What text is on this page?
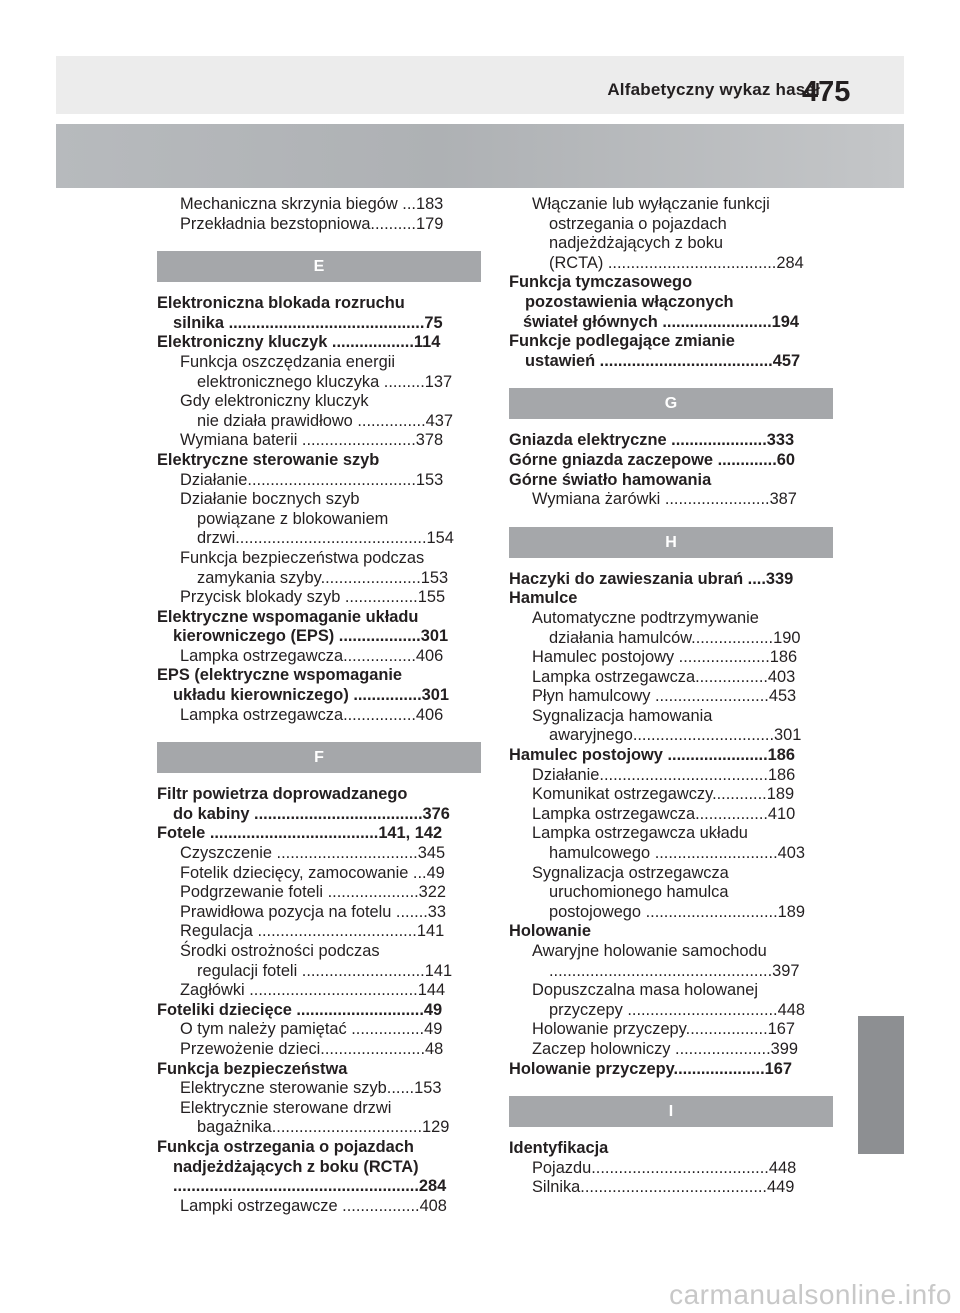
Alfabetyczny wykaz haseł
475
Mechaniczna skrzynia biegów ...183
Przekładnia bezstopniowa..........179
E
Elektroniczna blokada rozruchu
silnika ...........................................75
Elektroniczny kluczyk ..................114
Funkcja oszczędzania energii
elektronicznego kluczyka .........137
Gdy elektroniczny kluczyk
nie działa prawidłowo ...............437
Wymiana baterii .........................378
Elektryczne sterowanie szyb
Działanie.....................................153
Działanie bocznych szyb
powiązane z blokowaniem
drzwi..........................................154
Funkcja bezpieczeństwa podczas
zamykania szyby......................153
Przycisk blokady szyb ................155
Elektryczne wspomaganie układu
kierowniczego (EPS) ..................301
Lampka ostrzegawcza................406
EPS (elektryczne wspomaganie
układu kierowniczego) ...............301
Lampka ostrzegawcza................406
F
Filtr powietrza doprowadzanego
do kabiny .....................................376
Fotele .....................................141, 142
Czyszczenie ...............................345
Fotelik dziecięcy, zamocowanie ...49
Podgrzewanie foteli ....................322
Prawidłowa pozycja na fotelu .......33
Regulacja ...................................141
Środki ostrożności podczas
regulacji foteli ...........................141
Zagłówki .....................................144
Foteliki dziecięce ............................49
O tym należy pamiętać ................49
Przewożenie dzieci.......................48
Funkcja bezpieczeństwa
Elektryczne sterowanie szyb......153
Elektrycznie sterowane drzwi
bagażnika.................................129
Funkcja ostrzegania o pojazdach
nadjeżdżających z boku (RCTA)
......................................................284
Lampki ostrzegawcze .................408
Włączanie lub wyłączanie funkcji
ostrzegania o pojazdach
nadjeżdżających z boku
(RCTA) .....................................284
Funkcja tymczasowego
pozostawienia włączonych
świateł głównych ........................194
Funkcje podlegające zmianie
ustawień ......................................457
G
Gniazda elektryczne .....................333
Górne gniazda zaczepowe .............60
Górne światło hamowania
Wymiana żarówki .......................387
H
Haczyki do zawieszania ubrań ....339
Hamulce
Automatyczne podtrzymywanie
działania hamulców..................190
Hamulec postojowy ....................186
Lampka ostrzegawcza................403
Płyn hamulcowy .........................453
Sygnalizacja hamowania
awaryjnego...............................301
Hamulec postojowy ......................186
Działanie.....................................186
Komunikat ostrzegawczy............189
Lampka ostrzegawcza................410
Lampka ostrzegawcza układu
hamulcowego ...........................403
Sygnalizacja ostrzegawcza
uruchomionego hamulca
postojowego .............................189
Holowanie
Awaryjne holowanie samochodu
.................................................397
Dopuszczalna masa holowanej
przyczepy .................................448
Holowanie przyczepy..................167
Zaczep holowniczy .....................399
Holowanie przyczepy....................167
I
Identyfikacja
Pojazdu.......................................448
Silnika.........................................449
carmanualsonline.info
